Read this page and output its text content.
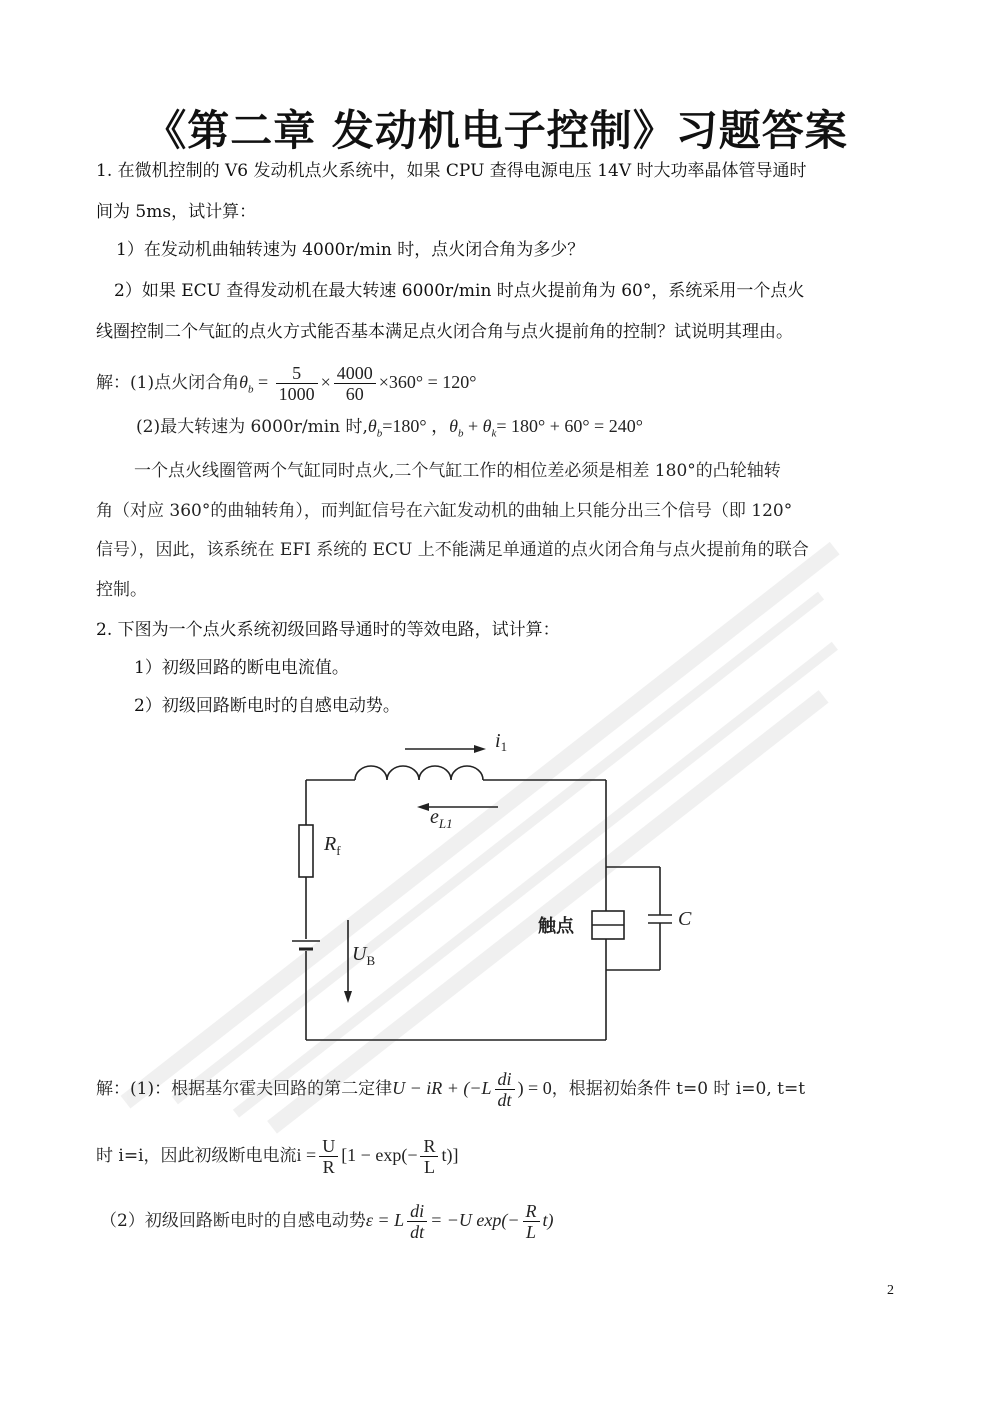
《第二章 发动机电子控制》习题答案
1. 在微机控制的 V6 发动机点火系统中，如果 CPU 查得电源电压 14V 时大功率晶体管导通时
间为 5ms，试计算：
1）在发动机曲轴转速为 4000r/min 时，点火闭合角为多少？
2）如果 ECU 查得发动机在最大转速 6000r/min 时点火提前角为 60°，系统采用一个点火
线圈控制二个气缸的点火方式能否基本满足点火闭合角与点火提前角的控制？试说明其理由。
解：(1)点火闭合角$\theta_b = \frac{5}{1000} \times \frac{4000}{60} \times 360^\circ = 120^\circ$
(2)最大转速为 6000r/min 时$,\theta_b=180^\circ$ ，$\theta_b + \theta_k= 180^\circ + 60^\circ = 240^\circ$
一个点火线圈管两个气缸同时点火,二个气缸工作的相位差必须是相差 180°的凸轮轴转
角（对应 360°的曲轴转角），而判缸信号在六缸发动机的曲轴上只能分出三个信号（即 120°
信号），因此，该系统在 EFI 系统的 ECU 上不能满足单通道的点火闭合角与点火提前角的联合
控制。
2. 下图为一个点火系统初级回路导通时的等效电路，试计算：
1）初级回路的断电电流值。
2）初级回路断电时的自感电动势。
$i_1$
$e_{L1}$
$R_f$
$U_B$
C
触点
解：(1)：根据基尔霍夫回路的第二定律U − iR + ($-L \frac{di}{dt}$ ) = 0，根据初始条件 t=0 时 i=0, t=t
时 i=i，因此初级断电电流$i = \frac{U}{R} [1 - \exp(- \frac{R}{L} t)]$
（2）初级回路断电时的自感电动势ε = L $\frac{di}{dt} = -U$ $\exp(- \frac{R}{L} t)$
2
